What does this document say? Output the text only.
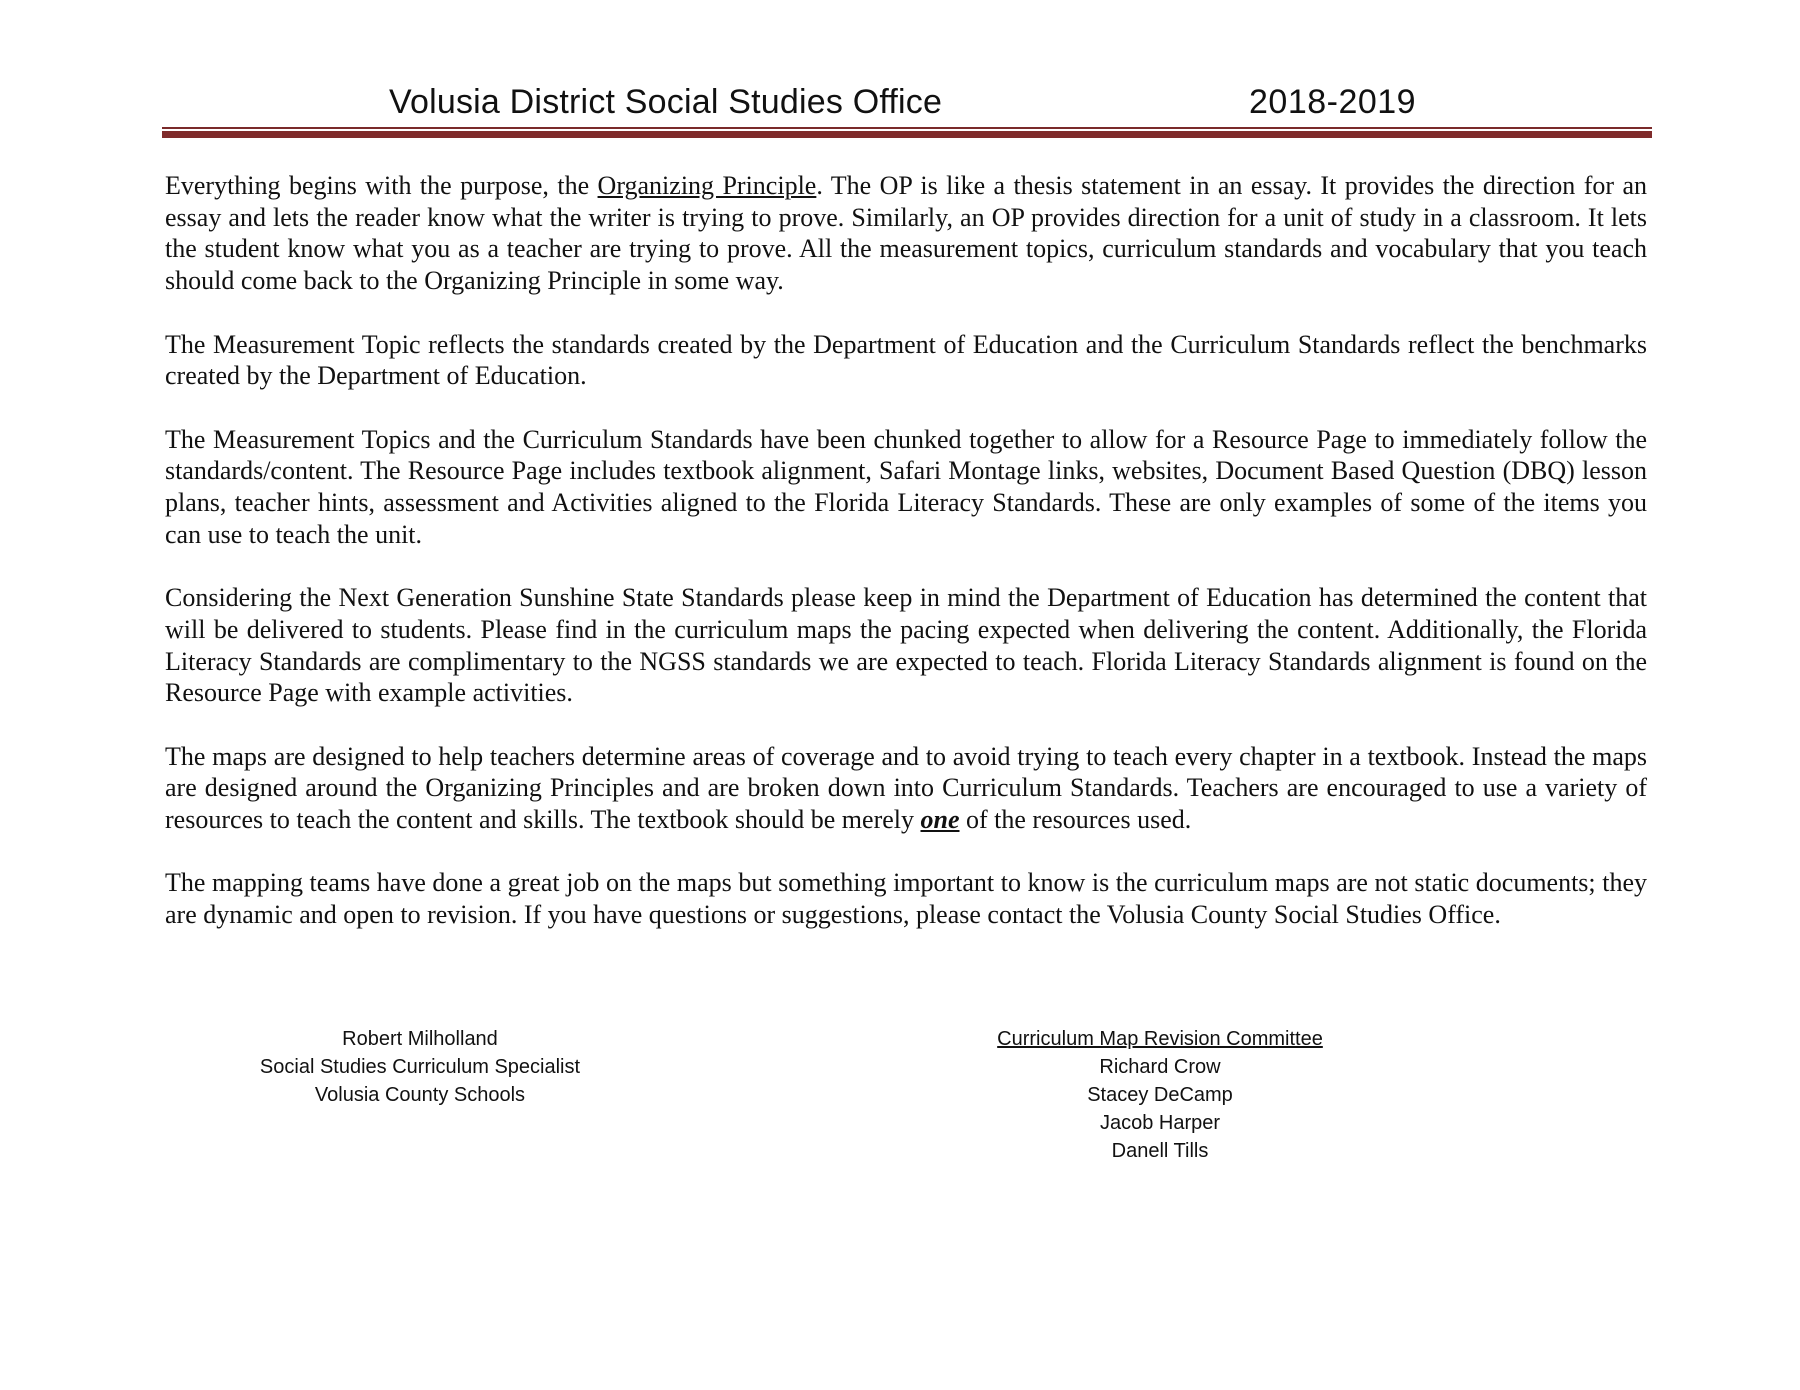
Volusia District Social Studies Office	2018-2019

Everything begins with the purpose, the Organizing Principle. The OP is like a thesis statement in an essay. It provides the direction for an essay and lets the reader know what the writer is trying to prove. Similarly, an OP provides direction for a unit of study in a classroom. It lets the student know what you as a teacher are trying to prove. All the measurement topics, curriculum standards and vocabulary that you teach should come back to the Organizing Principle in some way.

The Measurement Topic reflects the standards created by the Department of Education and the Curriculum Standards reflect the benchmarks created by the Department of Education.

The Measurement Topics and the Curriculum Standards have been chunked together to allow for a Resource Page to immediately follow the standards/content. The Resource Page includes textbook alignment, Safari Montage links, websites, Document Based Question (DBQ) lesson plans, teacher hints, assessment and Activities aligned to the Florida Literacy Standards. These are only examples of some of the items you can use to teach the unit.

Considering the Next Generation Sunshine State Standards please keep in mind the Department of Education has determined the content that will be delivered to students. Please find in the curriculum maps the pacing expected when delivering the content. Additionally, the Florida Literacy Standards are complimentary to the NGSS standards we are expected to teach. Florida Literacy Standards alignment is found on the Resource Page with example activities.

The maps are designed to help teachers determine areas of coverage and to avoid trying to teach every chapter in a textbook. Instead the maps are designed around the Organizing Principles and are broken down into Curriculum Standards. Teachers are encouraged to use a variety of resources to teach the content and skills. The textbook should be merely one of the resources used.

The mapping teams have done a great job on the maps but something important to know is the curriculum maps are not static documents; they are dynamic and open to revision. If you have questions or suggestions, please contact the Volusia County Social Studies Office.

Robert Milholland
Social Studies Curriculum Specialist
Volusia County Schools
Curriculum Map Revision Committee
Richard Crow
Stacey DeCamp
Jacob Harper
Danell Tills
